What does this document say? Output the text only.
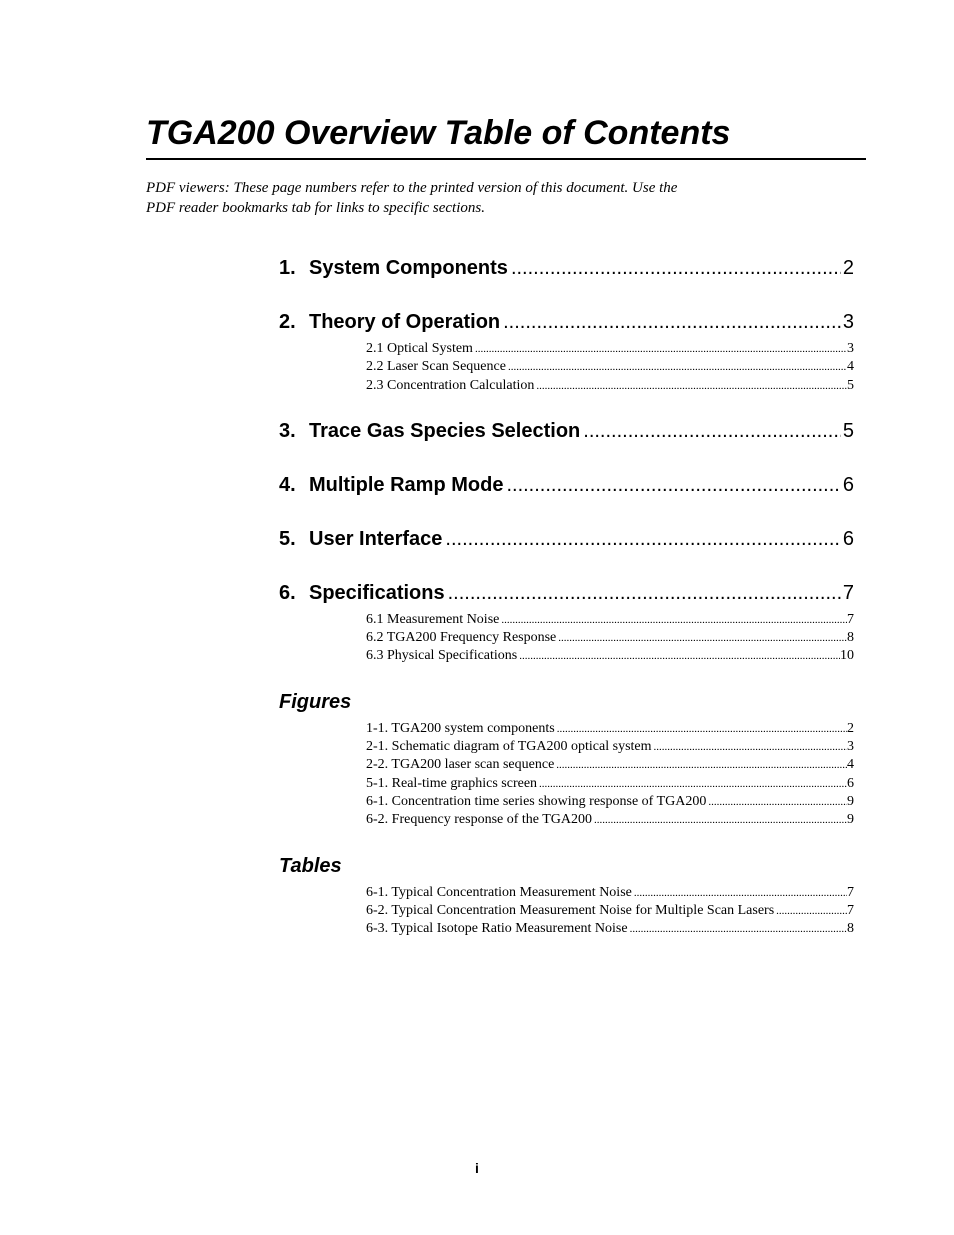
TGA200 Overview Table of Contents
PDF viewers: These page numbers refer to the printed version of this document. Use the
PDF reader bookmarks tab for links to specific sections.
1. System Components .....	2
2. Theory of Operation .....	3
2.1 Optical System .....	3
2.2 Laser Scan Sequence .....	4
2.3 Concentration Calculation .....	5
3. Trace Gas Species Selection .....	5
4. Multiple Ramp Mode .....	6
5. User Interface .....	6
6. Specifications .....	7
6.1 Measurement Noise .....	7
6.2 TGA200 Frequency Response .....	8
6.3 Physical Specifications .....	10
Figures
1-1. TGA200 system components .....	2
2-1. Schematic diagram of TGA200 optical system .....	3
2-2. TGA200 laser scan sequence .....	4
5-1. Real-time graphics screen .....	6
6-1. Concentration time series showing response of TGA200 .....	9
6-2. Frequency response of the TGA200 .....	9
Tables
6-1. Typical Concentration Measurement Noise .....	7
6-2. Typical Concentration Measurement Noise for Multiple Scan Lasers .....	7
6-3. Typical Isotope Ratio Measurement Noise .....	8
i
